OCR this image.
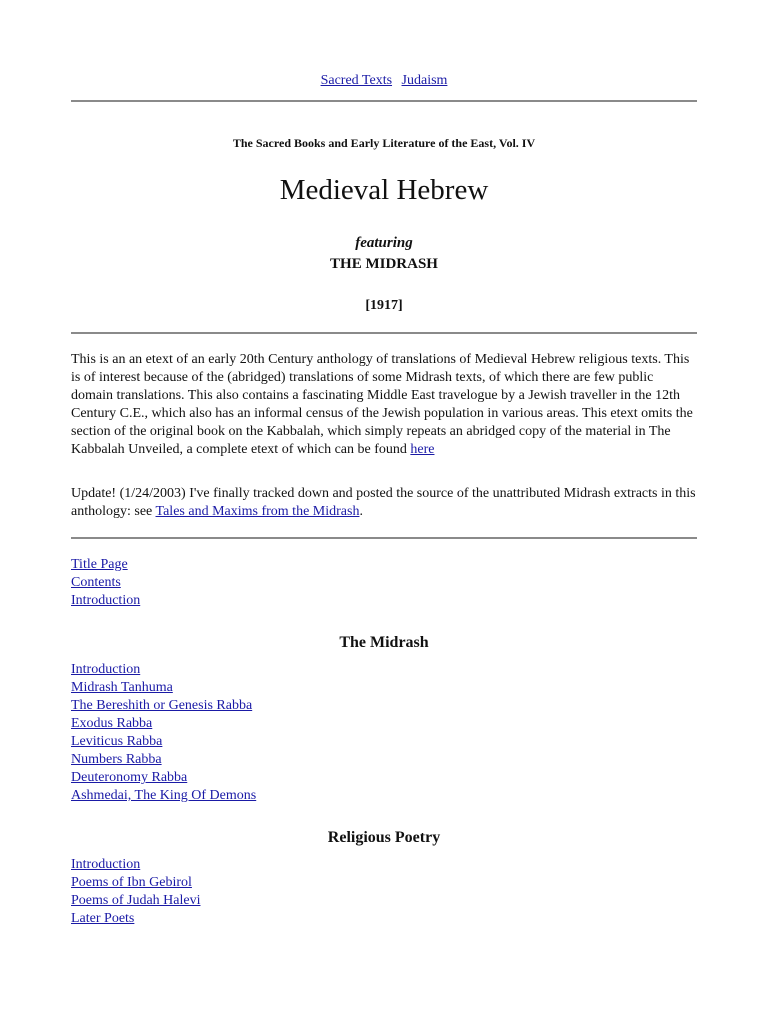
Sacred Texts Judaism
The Sacred Books and Early Literature of the East, Vol. IV
Medieval Hebrew
featuring
THE MIDRASH
[1917]

This is an an etext of an early 20th Century anthology of translations of Medieval Hebrew religious texts. This is of interest because of the (abridged) translations of some Midrash texts, of which there are few public domain translations. This also contains a fascinating Middle East travelogue by a Jewish traveller in the 12th Century C.E., which also has an informal census of the Jewish population in various areas. This etext omits the section of the original book on the Kabbalah, which simply repeats an abridged copy of the material in The Kabbalah Unveiled, a complete etext of which can be found here

Update! (1/24/2003) I've finally tracked down and posted the source of the unattributed Midrash extracts in this anthology: see Tales and Maxims from the Midrash.

Title Page
Contents
Introduction
The Midrash
Introduction
Midrash Tanhuma
The Bereshith or Genesis Rabba
Exodus Rabba
Leviticus Rabba
Numbers Rabba
Deuteronomy Rabba
Ashmedai, The King Of Demons
Religious Poetry
Introduction
Poems of Ibn Gebirol
Poems of Judah Halevi
Later Poets
